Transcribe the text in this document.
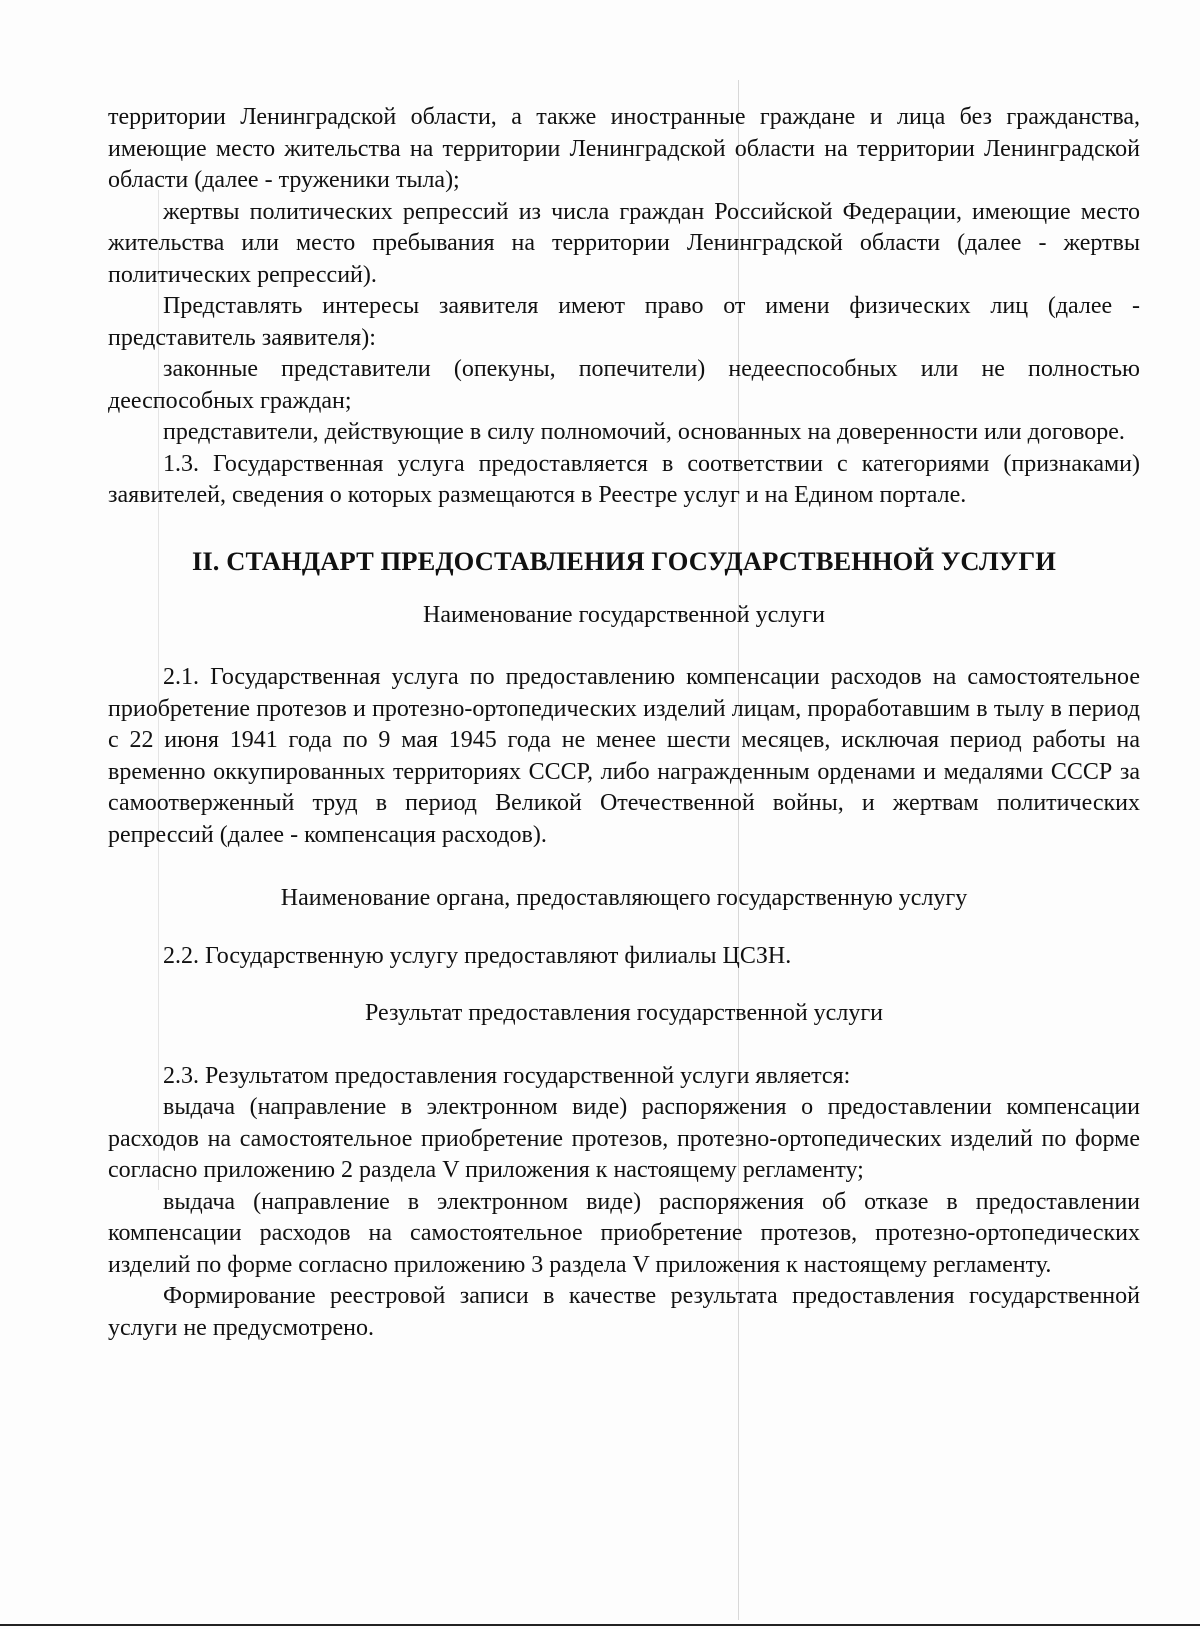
территории Ленинградской области, а также иностранные граждане и лица без гражданства, имеющие место жительства на территории Ленинградской области на территории Ленинградской области (далее - труженики тыла);

жертвы политических репрессий из числа граждан Российской Федерации, имеющие место жительства или место пребывания на территории Ленинградской области (далее - жертвы политических репрессий).

Представлять интересы заявителя имеют право от имени физических лиц (далее - представитель заявителя):

законные представители (опекуны, попечители) недееспособных или не полностью дееспособных граждан;

представители, действующие в силу полномочий, основанных на доверенности или договоре.

1.3. Государственная услуга предоставляется в соответствии с категориями (признаками) заявителей, сведения о которых размещаются в Реестре услуг и на Едином портале.

II. СТАНДАРТ ПРЕДОСТАВЛЕНИЯ ГОСУДАРСТВЕННОЙ УСЛУГИ
Наименование государственной услуги

2.1. Государственная услуга по предоставлению компенсации расходов на самостоятельное приобретение протезов и протезно-ортопедических изделий лицам, проработавшим в тылу в период с 22 июня 1941 года по 9 мая 1945 года не менее шести месяцев, исключая период работы на временно оккупированных территориях СССР, либо награжденным орденами и медалями СССР за самоотверженный труд в период Великой Отечественной войны, и жертвам политических репрессий (далее - компенсация расходов).

Наименование органа, предоставляющего государственную услугу

2.2. Государственную услугу предоставляют филиалы ЦСЗН.

Результат предоставления государственной услуги

2.3. Результатом предоставления государственной услуги является:

выдача (направление в электронном виде) распоряжения о предоставлении компенсации расходов на самостоятельное приобретение протезов, протезно-ортопедических изделий по форме согласно приложению 2 раздела V приложения к настоящему регламенту;

выдача (направление в электронном виде) распоряжения об отказе в предоставлении компенсации расходов на самостоятельное приобретение протезов, протезно-ортопедических изделий по форме согласно приложению 3 раздела V приложения к настоящему регламенту.

Формирование реестровой записи в качестве результата предоставления государственной услуги не предусмотрено.
